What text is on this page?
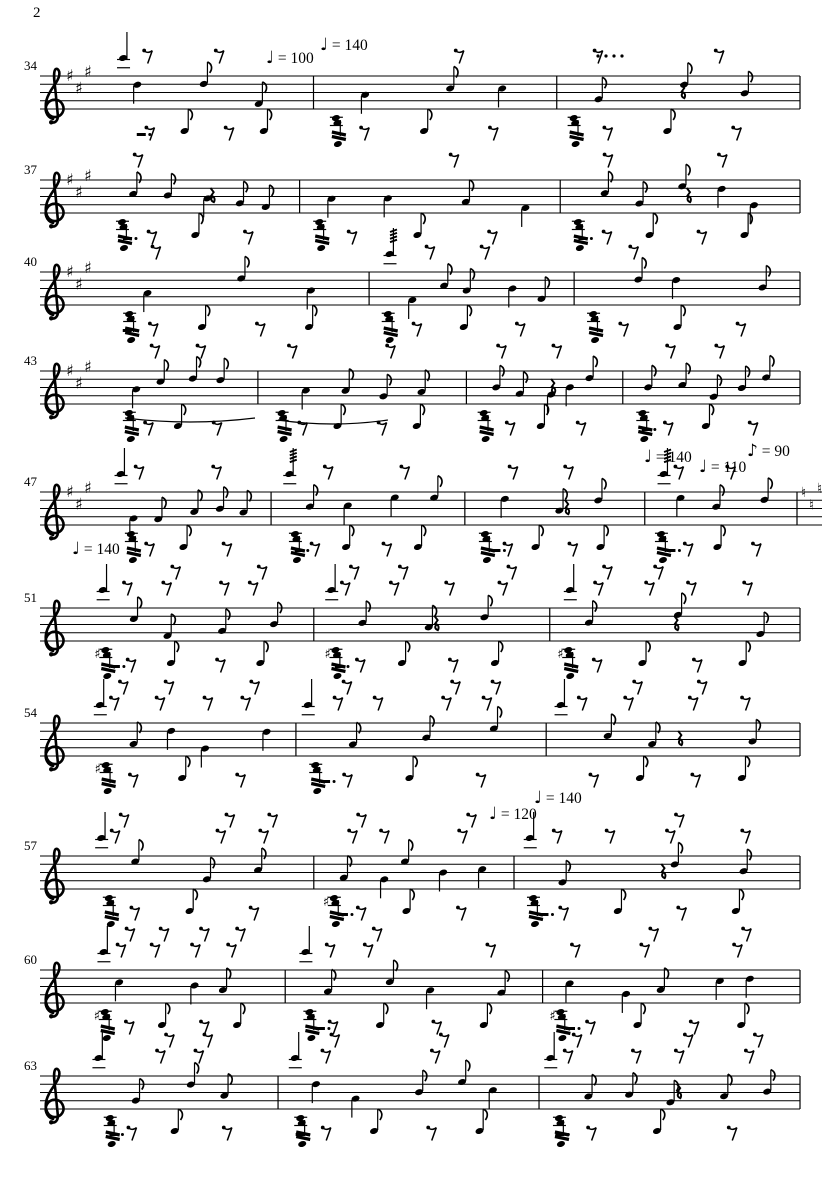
2
34
♯
♯
♯
37
♯
♯
♯
40
♯
♯
♯
43
♯
♯
♯
47
♯
♯
♯	♮
♮
♮
51
♯	♯	♯
54
♯
57
♯
60
♯	♯
63
♩ = 100
♩ = 140
♩ = 140 ♩ = 110
♪ = 90
♩ = 140
♩ = 120
♩ = 140
